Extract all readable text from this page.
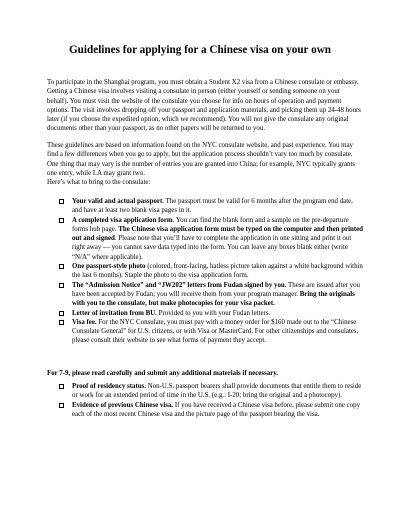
Guidelines for applying for a Chinese visa on your own

To participate in the Shanghai program, you must obtain a Student X2 visa from a Chinese consulate or embassy. Getting a Chinese visa involves visiting a consulate in person (either yourself or sending someone on your behalf). You must visit the website of the consulate you choose for info on hours of operation and payment options. The visit involves dropping off your passport and application materials, and picking them up 24-48 hours later (if you choose the expedited option, which we recommend). You will not give the consulate any original documents other than your passport, as no other papers will be returned to you.

These guidelines are based on information found on the NYC consulate website, and past experience. You may find a few differences when you go to apply, but the application process shouldn’t vary too much by consulate. One thing that may vary is the number of entries you are granted into China; for example, NYC typically grants one entry, while LA may grant two.
Here’s what to bring to the consulate:

Your valid and actual passport. The passport must be valid for 6 months after the program end date, and have at least two blank visa pages in it.
A completed visa application form. You can find the blank form and a sample on the pre-departure forms hub page. The Chinese visa application form must be typed on the computer and then printed out and signed. Please note that you’ll have to complete the application in one sitting and print it out right away — you cannot save data typed into the form. You can leave any boxes blank either (write “N/A” where applicable).
One passport-style photo (colored, front-facing, hatless picture taken against a white background within the last 6 months). Staple the photo to the visa application form.
The “Admission Notice” and “JW202” letters from Fudan signed by you. These are issued after you have been accepted by Fudan; you will receive them from your program manager. Bring the originals with you to the consulate, but make photocopies for your visa packet.
Letter of invitation from BU. Provided to you with your Fudan letters.
Visa fee. For the NYC Consulate, you must pay with a money order for $160 made out to the “Chinese Consulate General” for U.S. citizens, or with Visa or MasterCard. For other citizenships and consulates, please consult their website to see what forms of payment they accept.
For 7-9, please read carefully and submit any additional materials if necessary.
Proof of residency status. Non-U.S. passport bearers shall provide documents that entitle them to reside or work for an extended period of time in the U.S. (e.g.: I-20; bring the original and a photocopy).
Evidence of previous Chinese visa. If you have received a Chinese visa before, please submit one copy each of the most recent Chinese visa and the picture page of the passport bearing the visa.
